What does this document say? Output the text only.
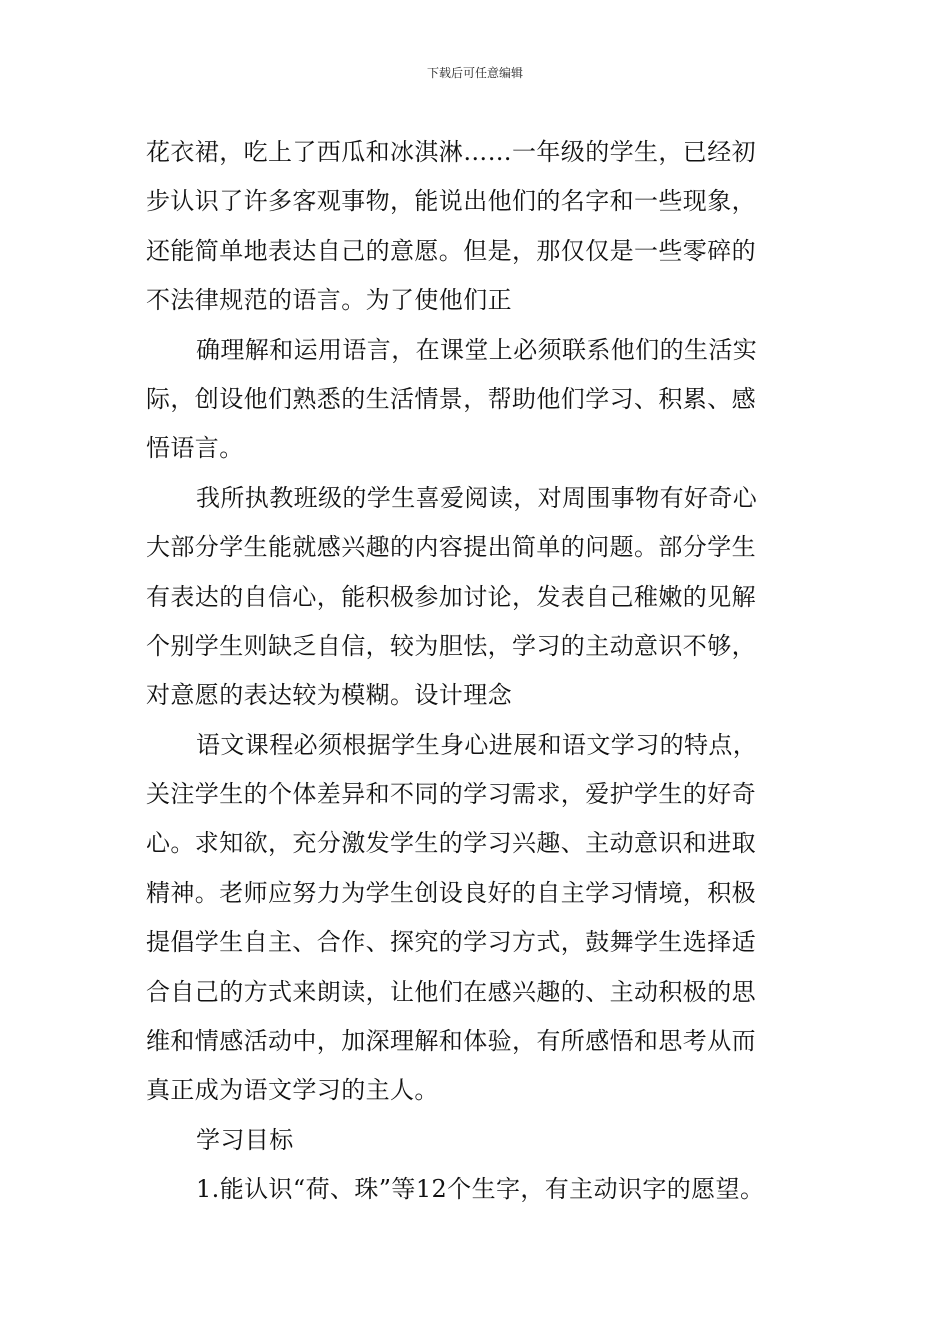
下载后可任意编辑

花衣裙，吃上了西瓜和冰淇淋……一年级的学生，已经初

步认识了许多客观事物，能说出他们的名字和一些现象，

还能简单地表达自己的意愿。但是，那仅仅是一些零碎的

不法律规范的语言。为了使他们正

确理解和运用语言，在课堂上必须联系他们的生活实

际，创设他们熟悉的生活情景，帮助他们学习、积累、感

悟语言。

我所执教班级的学生喜爱阅读，对周围事物有好奇心

大部分学生能就感兴趣的内容提出简单的问题。部分学生

有表达的自信心，能积极参加讨论，发表自己稚嫩的见解

个别学生则缺乏自信，较为胆怯，学习的主动意识不够，

对意愿的表达较为模糊。设计理念

语文课程必须根据学生身心进展和语文学习的特点，

关注学生的个体差异和不同的学习需求，爱护学生的好奇

心。求知欲，充分激发学生的学习兴趣、主动意识和进取

精神。老师应努力为学生创设良好的自主学习情境，积极

提倡学生自主、合作、探究的学习方式，鼓舞学生选择适

合自己的方式来朗读，让他们在感兴趣的、主动积极的思

维和情感活动中，加深理解和体验，有所感悟和思考从而

真正成为语文学习的主人。

学习目标

1.能认识“荷、珠”等12个生字，有主动识字的愿望。
